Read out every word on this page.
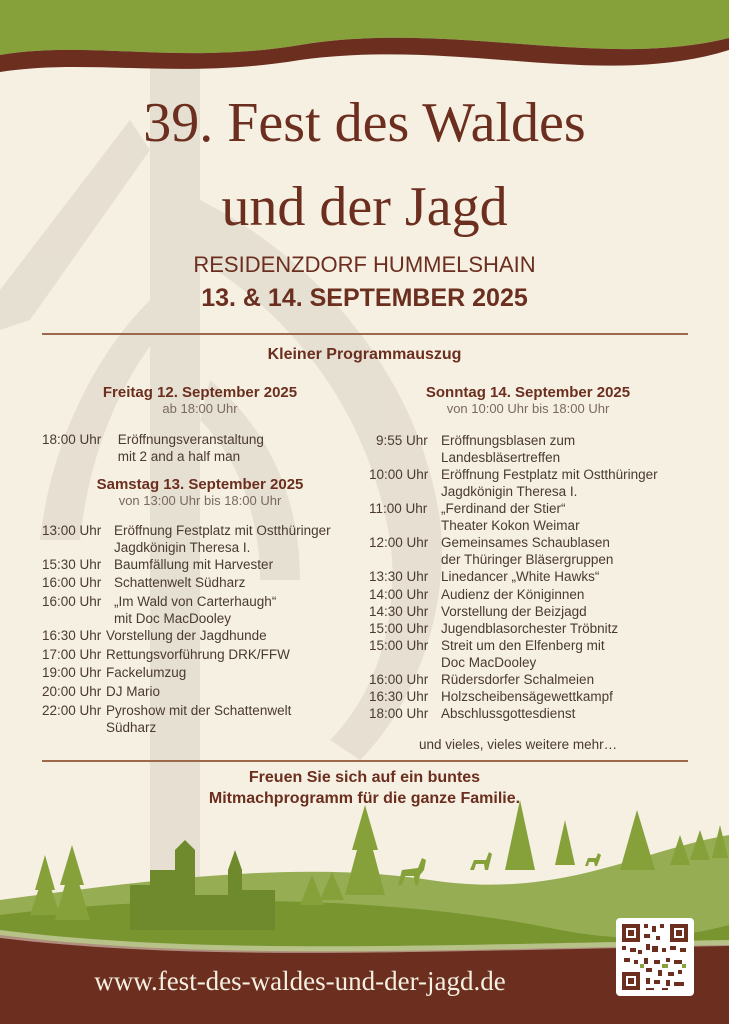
39. Fest des Waldes
und der Jagd
RESIDENZDORF HUMMELSHAIN
13. & 14. SEPTEMBER 2025
Kleiner Programmauszug
Freitag 12. September 2025
ab 18:00 Uhr
18:00 Uhr Eröffnungsveranstaltung
mit 2 and a half man
Samstag 13. September 2025
von 13:00 Uhr bis 18:00 Uhr
13:00 Uhr Eröffnung Festplatz mit Ostthüringer
Jagdkönigin Theresa I.
15:30 Uhr Baumfällung mit Harvester
16:00 Uhr Schattenwelt Südharz
16:00 Uhr „Im Wald von Carterhaugh“
mit Doc MacDooley
16:30 Uhr Vorstellung der Jagdhunde
17:00 Uhr Rettungsvorführung DRK/FFW
19:00 Uhr Fackelumzug
20:00 Uhr DJ Mario
22:00 Uhr Pyroshow mit der Schattenwelt
Südharz
Sonntag 14. September 2025
von 10:00 Uhr bis 18:00 Uhr
9:55 Uhr Eröffnungsblasen zum
Landesbläsertreffen
10:00 Uhr Eröffnung Festplatz mit Ostthüringer
Jagdkönigin Theresa I.
11:00 Uhr „Ferdinand der Stier“
Theater Kokon Weimar
12:00 Uhr Gemeinsames Schaublasen
der Thüringer Bläsergruppen
13:30 Uhr Linedancer „White Hawks“
14:00 Uhr Audienz der Königinnen
14:30 Uhr Vorstellung der Beizjagd
15:00 Uhr Jugendblasorchester Tröbnitz
15:00 Uhr Streit um den Elfenberg mit
Doc MacDooley
16:00 Uhr Rüdersdorfer Schalmeien
16:30 Uhr Holzscheibensägewettkampf
18:00 Uhr Abschlussgottesdienst
und vieles, vieles weitere mehr…
Freuen Sie sich auf ein buntes
Mitmachprogramm für die ganze Familie.
www.fest-des-waldes-und-der-jagd.de
